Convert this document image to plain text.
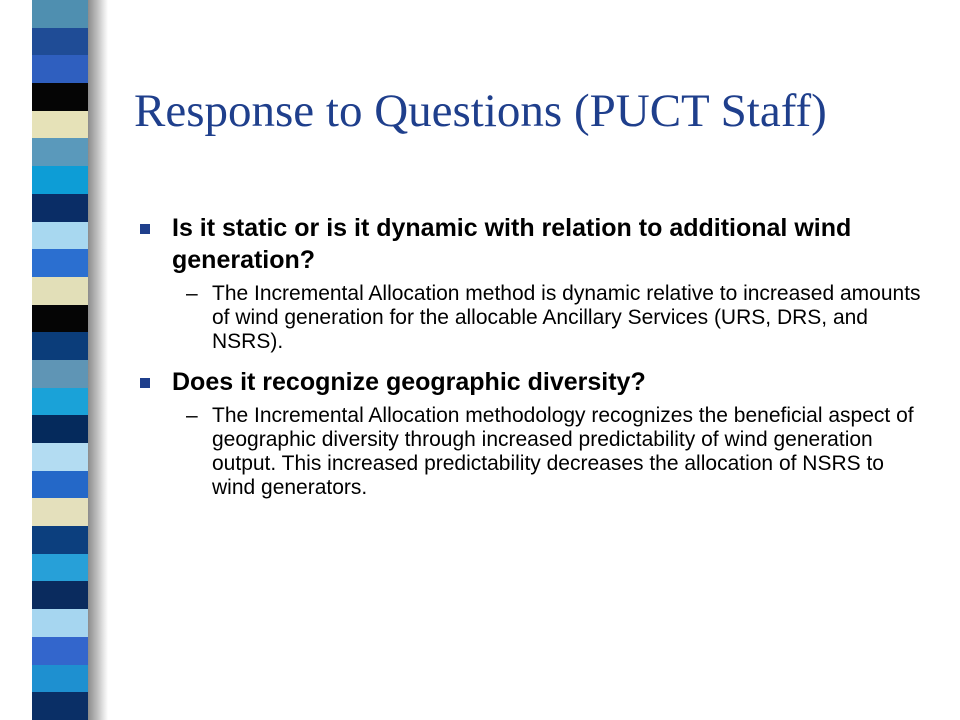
Response to Questions (PUCT Staff)
Is it static or is it dynamic with relation to additional wind generation?
– The Incremental Allocation method is dynamic relative to increased amounts of wind generation for the allocable Ancillary Services (URS, DRS, and NSRS).
Does it recognize geographic diversity?
– The Incremental Allocation methodology recognizes the beneficial aspect of geographic diversity through increased predictability of wind generation output. This increased predictability decreases the allocation of NSRS to wind generators.
